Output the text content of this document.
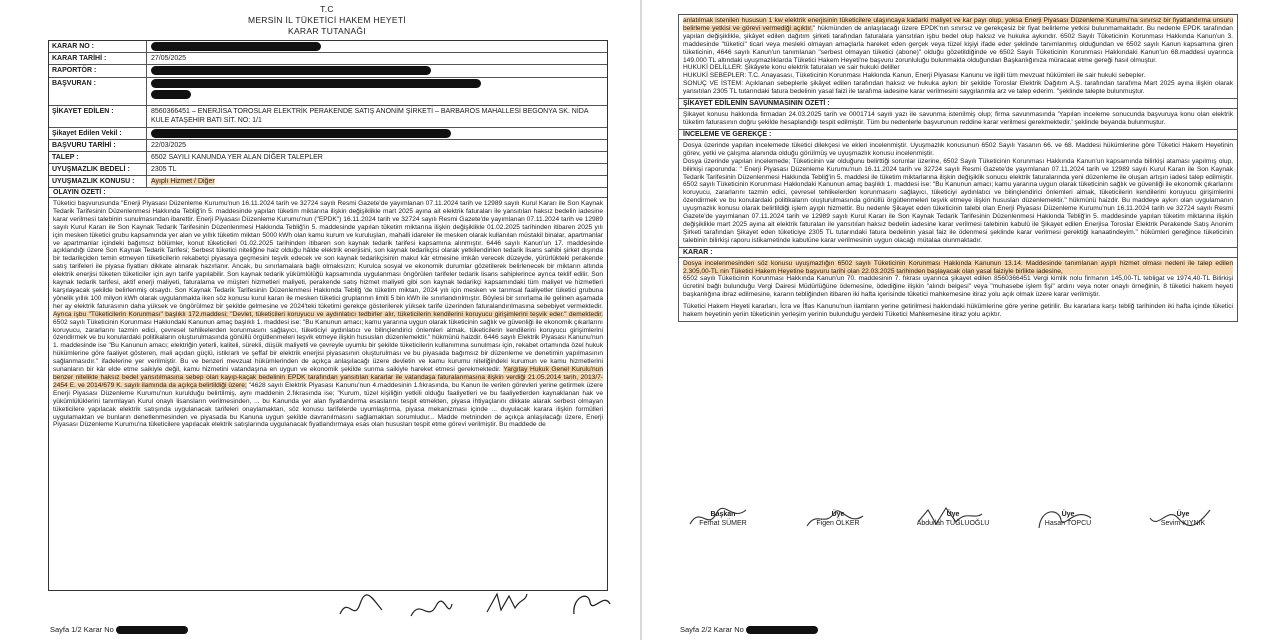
T.C
MERSİN İL TÜKETİCİ HAKEM HEYETİ
KARAR TUTANAĞI
KARAR NO :
KARAR TARİHİ :	27/05/2025
RAPORTÖR :
BAŞVURAN :

ŞİKAYET EDİLEN :	8560366451 – ENERJİSA TOROSLAR ELEKTRİK PERAKENDE SATIŞ ANONİM ŞİRKETİ – BARBAROS MAHALLESİ BEGONYA SK. NİDA KULE ATAŞEHİR BATI SİT. NO: 1/1
Şikayet Edilen Vekil :
BAŞVURU TARİHİ :	22/03/2025
TALEP :	6502 SAYILI KANUNDA YER ALAN DİĞER TALEPLER
UYUŞMAZLIK BEDELİ :	2305 TL
UYUŞMAZLIK KONUSU :	Ayıplı Hizmet / Diğer
OLAYIN ÖZETİ :
Tüketici başvurusunda "Enerji Piyasası Düzenleme Kurumu'nun 16.11.2024 tarih ve 32724 sayılı Resmi Gazete'de yayımlanan 07.11.2024 tarih ve 12989 sayılı Kurul Kararı ile Son Kaynak Tedarik Tarifesinin Düzenlenmesi Hakkında Tebliğ'in 5. maddesinde yapılan tüketim miktarına ilişkin değişiklikle mart 2025 ayına ait elektrik faturaları ile yansıtılan haksız bedelin iadesine karar verilmesi talebinin sunulmasından ibarettir. Enerji Piyasası Düzenleme Kurumu'nun ("EPDK") 16.11.2024 tarih ve 32724 sayılı Resmi Gazete'de yayımlanan 07.11.2024 tarih ve 12989 sayılı Kurul Kararı ile Son Kaynak Tedarik Tarifesinin Düzenlenmesi Hakkında Tebliğ'in 5. maddesinde yapılan tüketim miktarına ilişkin değişiklikle 01.02.2025 tarihinden itibaren 2025 yılı için mesken tüketici grubu kapsamında yer alan ve yıllık tüketim miktarı 5000 kWh olan kamu kurum ve kuruluşları, mahalli idareler ile mesken olarak kullanılan müstakil binalar, apartmanlar ve apartmanlar içindeki bağımsız bölümler, konut tüketicileri 01.02.2025 tarihinden itibaren son kaynak tedarik tarifesi kapsamına alınmıştır. 6446 sayılı Kanun'un 17. maddesinde açıklandığı üzere Son Kaynak Tedarik Tarifesi; Serbest tüketici niteliğine haiz olduğu hâlde elektrik enerjisini, son kaynak tedarikçisi olarak yetkilendirilen tedarik lisans sahibi şirket dışında bir tedarikçiden temin etmeyen tüketicilerin rekabetçi piyasaya geçmesini teşvik edecek ve son kaynak tedarikçisinin makul kâr etmesine imkân verecek düzeyde, yürürlükteki perakende satış tarifeleri ile piyasa fiyatları dikkate alınarak hazırlanır. Ancak, bu sınırlamalara bağlı olmaksızın; Kurulca sosyal ve ekonomik durumlar gözetilerek belirlenecek bir miktarın altında elektrik enerjisi tüketen tüketiciler için ayrı tarife yapılabilir. Son kaynak tedarik yükümlülüğü kapsamında uygulanması öngörülen tarifeler tedarik lisans sahiplerince ayrıca teklif edilir. Son kaynak tedarik tarifesi, aktif enerji maliyeti, faturalama ve müşteri hizmetleri maliyeti, perakende satış hizmet maliyeti gibi son kaynak tedarikçi kapsamındaki tüm maliyet ve hizmetleri karşılayacak şekilde belirlenmiş olsaydı. Son Kaynak Tedarik Tarifesinin Düzenlenmesi Hakkında Tebliğ 'de tüketim miktarı, 2024 yılı için mesken ve tarımsal faaliyetler tüketici grubuna yönelik yıllık 100 milyon kWh olarak uygulanmakta iken söz konusu kurul kararı ile mesken tüketici gruplarının limiti 5 bin kWh ile sınırlandırılmıştır. Böylesi bir sınırlama ile gelinen aşamada her ay elektrik faturasının daha yüksek ve öngörülmez bir şekilde gelmesine ve 2024'teki tüketimi gerekçe gösterilerek yüksek tarife üzerinden faturalandırılmasına sebebiyet vermektedir. Ayrıca işbu "Tüketicilerin Korunması" başlıklı 172.maddesi; "Devlet, tüketicileri koruyucu ve aydınlatıcı tedbirler alır, tüketicilerin kendilerini koruyucu girişimlerini teşvik eder." demektedir. 6502 sayılı Tüketicinin Korunması Hakkındaki Kanunun amaç başlıklı 1. maddesi ise: "Bu Kanunun amacı; kamu yararına uygun olarak tüketicinin sağlık ve güvenliği ile ekonomik çıkarlarını koruyucu, zararlarını tazmin edici, çevresel tehlikelerden korunmasını sağlayıcı, tüketiciyi aydınlatıcı ve bilinçlendirici önlemleri almak, tüketicilerin kendilerini koruyucu girişimlerini özendirmek ve bu konulardaki politikaların oluşturulmasında gönüllü örgütlenmeleri teşvik etmeye ilişkin hususları düzenlemektir." hükmünü haizdir. 6446 sayılı Elektrik Piyasası Kanunu'nun 1. maddesinde ise "Bu Kanunun amacı; elektriğin yeterli, kaliteli, sürekli, düşük maliyetli ve çevreyle uyumlu bir şekilde tüketicilerin kullanımına sunulması için, rekabet ortamında özel hukuk hükümlerine göre faaliyet gösteren, mali açıdan güçlü, istikrarlı ve şeffaf bir elektrik enerjisi piyasasının oluşturulması ve bu piyasada bağımsız bir düzenleme ve denetimin yapılmasının sağlanmasıdır." ifadelerine yer verilmiştir. Bu ve benzeri mevzuat hükümlerinden de açıkça anlaşılacağı üzere devletin ve kamu kurumu niteliğindeki kurumun ve kamu hizmetlerini sunanların bir kâr elde etme saikiyle değil, kamu hizmetini vatandaşına en uygun ve ekonomik şekilde sunma saikiyle hareket etmesi gerekmektedir. Yargıtay Hukuk Genel Kurulu'nun benzer nitelikte haksız bedel yansıtılmasına sebep olan kayıp-kaçak bedelinin EPDK tarafından yansıtılan kararlar ile vatandaşa faturalanmasına ilişkin verdiği 21.05.2014 tarih, 2013/7-2454 E. ve 2014/679 K. sayılı ilamında da açıkça belirtildiği üzere; "4628 sayılı Elektrik Piyasası Kanunu'nun 4.maddesinin 1.fıkrasında, bu Kanun ile verilen görevleri yerine getirmek üzere Enerji Piyasası Düzenleme Kurumu'nun kurulduğu belirtilmiş, aynı maddenin 2.fıkrasında ise; "Kurum, tüzel kişiliğin yetkili olduğu faaliyetleri ve bu faaliyetlerden kaynaklanan hak ve yükümlülüklerini tanımlayan Kurul onaylı lisansların verilmesinden, ... bu Kanunda yer alan fiyatlandırma esaslarını tespit etmekten, piyasa ihtiyaçlarını dikkate alarak serbest olmayan tüketicilere yapılacak elektrik satışında uygulanacak tarifeleri onaylamaktan, söz konusu tarifelerde uyumlaştırma, piyasa mekanizması içinde ... duyulacak karara ilişkin formülleri uygulamaktan ve bunların denetlenmesinden ve piyasada bu Kanuna uygun şekilde davranılmasını sağlamaktan sorumludur... Madde metninden de açıkça anlaşılacağı üzere, Enerji Piyasası Düzenleme Kurumu'na tüketicilere yapılacak elektrik satışlarında uygulanacak fiyatlandırmaya esas olan hususları tespit etme görevi verilmiştir. Bu maddede de
Sayfa 1/2 Karar No
anlatılmak istenilen hususun 1 kw elektrik enerjisinin tüketicilere ulaşıncaya kadarki maliyet ve kar payı olup, yoksa Enerji Piyasası Düzenleme Kurumu'na sınırsız bir fiyatlandırma unsuru belirleme yetkisi ve görevi vermediği açıktır." hükmünden de anlaşılacağı üzere EPDK'nın sınırsız ve gerekçesiz bir fiyat belirleme yetkisi bulunmamaktadır. Bu nedenle EPDK tarafından yapılan değişiklikle, şikâyet edilen dağıtım şirketi tarafından faturalara yansıtılan işbu bedel olup haksız ve hukuka aykırıdır. 6502 Sayılı Tüketicinin Korunması Hakkında Kanun'un 3. maddesinde "tüketici" ticari veya mesleki olmayan amaçlarla hareket eden gerçek veya tüzel kişiyi ifade eder şeklinde tanımlanmış olduğundan ve 6502 sayılı Kanun kapsamına giren tüketicinin, 4646 sayılı Kanun'un tanımlanan "serbest olmayan tüketici (abone)" olduğu gözetildiğinde ve 6502 Sayılı Tüketicinin Korunması Hakkındaki Kanun'un 68.maddesi uyarınca 149.000 TL altındaki uyuşmazlıklarda Tüketici Hakem Heyeti'ne başvuru zorunluluğu bulunmakta olduğundan Başkanlığınıza müracaat etme gereği hasıl olmuştur.
HUKUKİ DELİLLER: Şikâyete konu elektrik faturaları ve sair hukuki deliller
HUKUKİ SEBEPLER: T.C. Anayasası, Tüketicinin Korunması Hakkında Kanun, Enerji Piyasası Kanunu ve ilgili tüm mevzuat hükümleri ile sair hukuki sebepler.
SONUÇ VE İSTEM: Açıklanan sebeplerle şikâyet edilen tarafından haksız ve hukuka aykırı bir şekilde Toroslar Elektrik Dağıtım A.Ş. tarafından tarafıma Mart 2025 ayına ilişkin olarak yansıtılan 2305 TL tutarındaki fatura bedelinin yasal faizi ile tarafıma iadesine karar verilmesini saygılarımla arz ve talep ederim. "şeklinde talepte bulunmuştur.
ŞİKAYET EDİLENİN SAVUNMASININ ÖZETİ :
Şikayet konusu hakkında firmadan 24.03.2025 tarih ve 0001714 sayılı yazı ile savunma istenilmiş olup; firma savunmasında 'Yapılan inceleme sonucunda başvuruya konu olan elektrik tüketim faturasının doğru şekilde hesaplandığı tespit edilmiştir. Tüm bu nedenlerle başvurunun reddine karar verilmesi gerekmektedir.' şeklinde beyanda bulunmuştur.
İNCELEME VE GEREKÇE :
Dosya üzerinde yapılan incelemede tüketici dilekçesi ve ekleri incelenmiştir. Uyuşmazlık konusunun 6502 Sayılı Yasanın 66. ve 68. Maddesi hükümlerine göre Tüketici Hakem Heyetinin görev, yetki ve çalışma alanında olduğu görülmüş ve uyuşmazlık konusu incelenmiştir.
Dosya üzerinde yapılan incelemede; Tüketicinin var olduğunu belirttiği sorunlar üzerine, 6502 Sayılı Tüketicinin Korunması Hakkında Kanun'un kapsamında bilirkişi ataması yapılmış olup, bilirkişi raporunda: " Enerji Piyasası Düzenleme Kurumu'nun 16.11.2024 tarih ve 32724 sayılı Resmi Gazete'de yayımlanan 07.11.2024 tarih ve 12989 sayılı Kurul Kararı ile Son Kaynak Tedarik Tarifesinin Düzenlenmesi Hakkında Tebliğ'in 5. maddesi ile tüketim miktarlarına ilişkin değişiklik sonucu elektrik faturalarında yeni düzenleme ile oluşan artışın iadesi talep edilmiştir. 6502 sayılı Tüketicinin Korunması Hakkındaki Kanunun amaç başlıklı 1. maddesi ise: "Bu Kanunun amacı; kamu yararına uygun olarak tüketicinin sağlık ve güvenliği ile ekonomik çıkarlarını koruyucu, zararlarını tazmin edici, çevresel tehlikelerden korunmasını sağlayıcı, tüketiciyi aydınlatıcı ve bilinçlendirici önlemleri almak, tüketicilerin kendilerini koruyucu girişimlerini özendirmek ve bu konulardaki politikaların oluşturulmasında gönüllü örgütlenmeleri teşvik etmeye ilişkin hususları düzenlemektir." hükmünü haizdir. Bu maddeye aykırı olan uygulamanın uyuşmazlık konusu olarak belirtildiği işlem ayıplı hizmettir. Bu nedenle Şikayet eden tüketicinin talebi olan Enerji Piyasası Düzenleme Kurumu'nun 16.11.2024 tarih ve 32724 sayılı Resmi Gazete'de yayımlanan 07.11.2024 tarih ve 12989 sayılı Kurul Kararı ile Son Kaynak Tedarik Tarifesinin Düzenlenmesi Hakkında Tebliğ'in 5. maddesinde yapılan tüketim miktarına ilişkin değişiklikle mart 2025 ayına ait elektrik faturaları ile yansıtılan haksız bedelin iadesine karar verilmesi talebinin kabulü ile Şikayet edilen Enerjisa Toroslar Elektrik Perakende Satış Anonim Şirketi tarafından Şikayet eden tüketiciye 2305 TL tutarındaki fatura bedelinin yasal faiz ile ödenmesi şeklinde karar verilmesi gerektiği kanaatindeyim." hükümleri gereğince tüketicinin talebinin bilirkişi raporu istikametinde kabulüne karar verilmesinin uygun olacağı mütalaa olunmaktadır.
KARAR :
Dosya incelenmesinden söz konusu uyuşmazlığın 6502 sayılı Tüketicinin Korunması Hakkında Kanunun 13.14. Maddesinde tanımlanan ayıplı hizmet olması nedeni ile talep edilen 2.305,00-TL nin Tüketici Hakem Heyetine başvuru tarihi olan 22.03.2025 tarihinden başlayacak olan yasal faiziyle birlikte iadesine,
6502 sayılı Tüketicinin Korunması Hakkında Kanun'un 70. maddesinin 7. fıkrası uyarınca şikayet edilen 8560366451 Vergi kimlik nolu firmanın 145,00-TL tebligat ve 1974,40-TL Bilirkişi ücretini bağlı bulunduğu Vergi Dairesi Müdürlüğüne ödemesine, ödediğine ilişkin "alındı belgesi" veya "muhasebe işlem fişi" ardını veya noter onaylı örneğinin, 8 tüketici hakem heyeti başkanlığına ibraz edilmesine, kararın tebliğinden itibaren iki hafta içerisinde tüketici mahkemesine itiraz yolu açık olmak üzere karar verilmiştir.
Tüketici Hakem Heyeti kararları, İcra ve İflas Kanunu'nun ilamların yerine getirilmesi hakkındaki hükümlerine göre yerine getirilir. Bu kararlara karşı tebliğ tarihinden iki hafta içinde tüketici hakem heyetinin yeriin tüketicinin yerleşim yerinin bulunduğu yerdeki Tüketici Mahkemesine itiraz yolu açıktır.
Başkan
Ferhat SÜMER
Üye
Figen ÖLKER
Üye
Abdullah TUĞLUOĞLU
Üye
Hasan TOPCU
Üye
Sevim KIYNIK
Sayfa 2/2 Karar No
